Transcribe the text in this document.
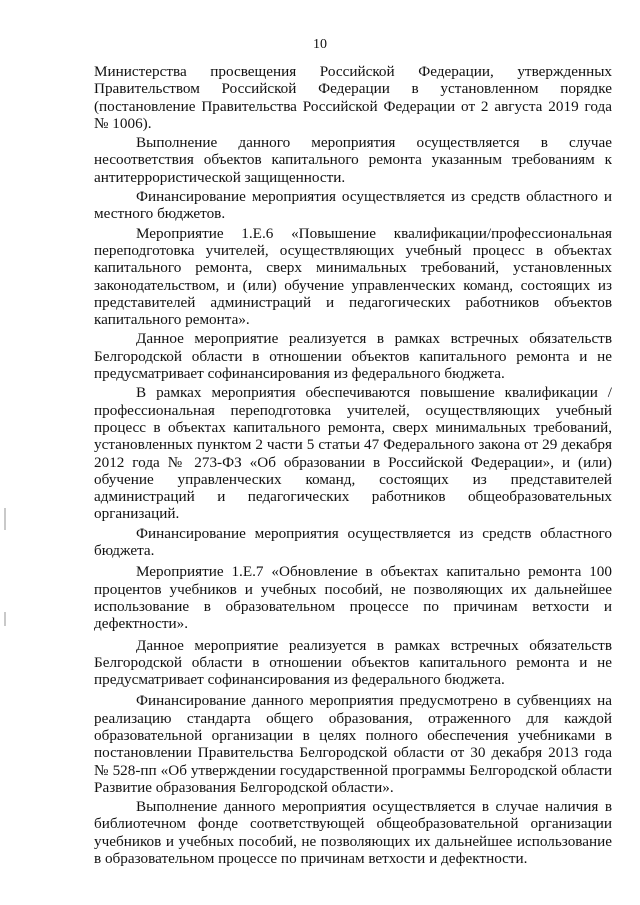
10

Министерства просвещения Российской Федерации, утвержденных Правительством Российской Федерации в установленном порядке (постановление Правительства Российской Федерации от 2 августа 2019 года № 1006).

Выполнение данного мероприятия осуществляется в случае несоответствия объектов капитального ремонта указанным требованиям к антитеррористической защищенности.

Финансирование мероприятия осуществляется из средств областного и местного бюджетов.

Мероприятие 1.Е.6 «Повышение квалификации/профессиональная переподготовка учителей, осуществляющих учебный процесс в объектах капитального ремонта, сверх минимальных требований, установленных законодательством, и (или) обучение управленческих команд, состоящих из представителей администраций и педагогических работников объектов капитального ремонта».

Данное мероприятие реализуется в рамках встречных обязательств Белгородской области в отношении объектов капитального ремонта и не предусматривает софинансирования из федерального бюджета.

В рамках мероприятия обеспечиваются повышение квалификации / профессиональная переподготовка учителей, осуществляющих учебный процесс в объектах капитального ремонта, сверх минимальных требований, установленных пунктом 2 части 5 статьи 47 Федерального закона от 29 декабря 2012 года № 273-ФЗ «Об образовании в Российской Федерации», и (или) обучение управленческих команд, состоящих из представителей администраций и педагогических работников общеобразовательных организаций.

Финансирование мероприятия осуществляется из средств областного бюджета.

Мероприятие 1.Е.7 «Обновление в объектах капитально ремонта 100 процентов учебников и учебных пособий, не позволяющих их дальнейшее использование в образовательном процессе по причинам ветхости и дефектности».

Данное мероприятие реализуется в рамках встречных обязательств Белгородской области в отношении объектов капитального ремонта и не предусматривает софинансирования из федерального бюджета.

Финансирование данного мероприятия предусмотрено в субвенциях на реализацию стандарта общего образования, отраженного для каждой образовательной организации в целях полного обеспечения учебниками в постановлении Правительства Белгородской области от 30 декабря 2013 года № 528-пп «Об утверждении государственной программы Белгородской области Развитие образования Белгородской области».

Выполнение данного мероприятия осуществляется в случае наличия в библиотечном фонде соответствующей общеобразовательной организации учебников и учебных пособий, не позволяющих их дальнейшее использование в образовательном процессе по причинам ветхости и дефектности.
